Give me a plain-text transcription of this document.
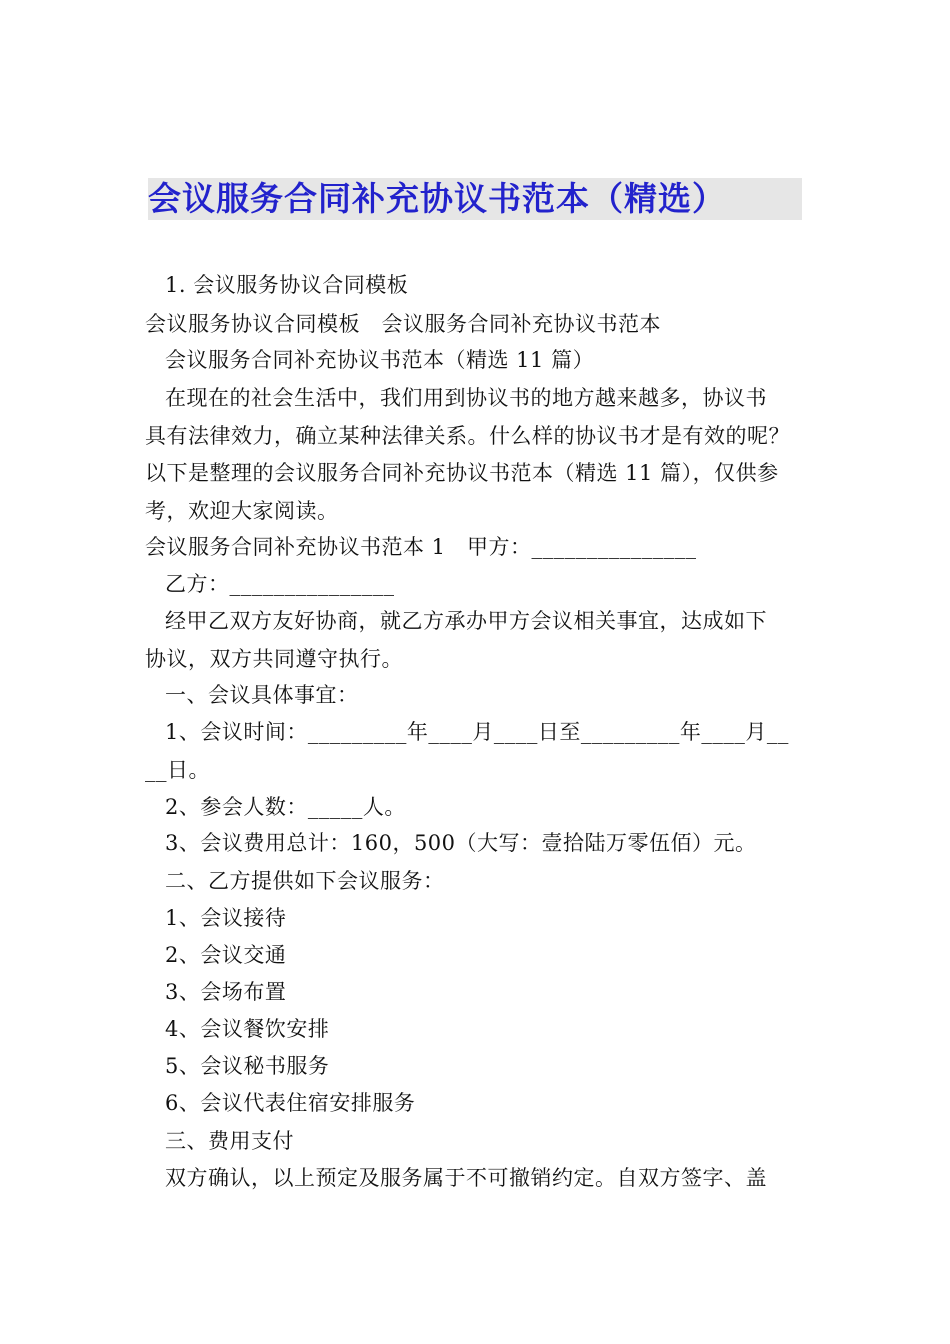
会议服务合同补充协议书范本（精选）
1. 会议服务协议合同模板
会议服务协议合同模板　会议服务合同补充协议书范本
会议服务合同补充协议书范本（精选 11 篇）
在现在的社会生活中，我们用到协议书的地方越来越多，协议书
具有法律效力，确立某种法律关系。什么样的协议书才是有效的呢？
以下是整理的会议服务合同补充协议书范本（精选 11 篇），仅供参
考，欢迎大家阅读。
会议服务合同补充协议书范本 1　甲方：_______________
乙方：_______________
经甲乙双方友好协商，就乙方承办甲方会议相关事宜，达成如下
协议，双方共同遵守执行。
一、会议具体事宜：
1、会议时间：_________年____月____日至_________年____月__
__日。
2、参会人数：_____人。
3、会议费用总计：160，500（大写：壹拾陆万零伍佰）元。
二、乙方提供如下会议服务：
1、会议接待
2、会议交通
3、会场布置
4、会议餐饮安排
5、会议秘书服务
6、会议代表住宿安排服务
三、费用支付
双方确认，以上预定及服务属于不可撤销约定。自双方签字、盖
